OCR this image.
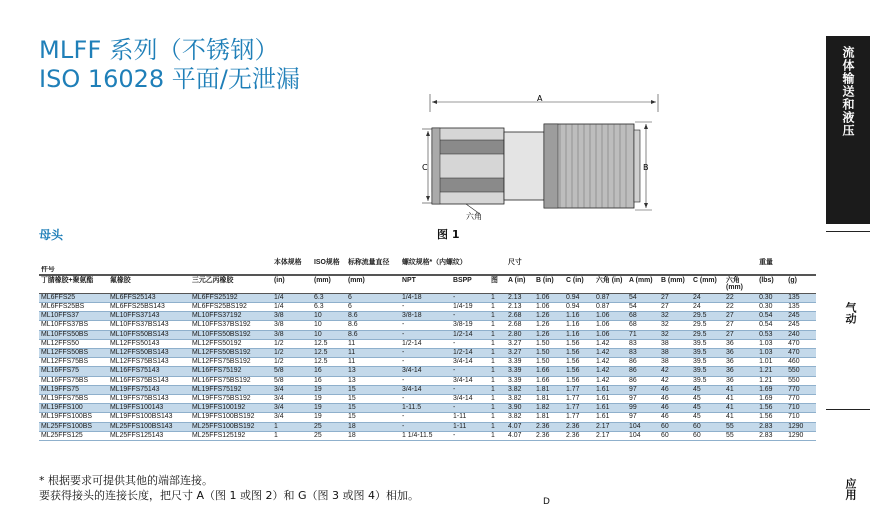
MLFF 系列（不锈钢）
ISO 16028 平面/无泄漏
A
C	B
六角
母头	图 1
流体输送和液压
气动
应用
			本体规格	ISO规格	标称流量直径	螺纹规格*（内螺纹）			尺寸								重量	
件号																		
丁腈橡胶+聚氨酯	氟橡胶	三元乙丙橡胶	(in)	(mm)	(mm)	NPT	BSPP	图	A (in)	B (in)	C (in)	六角 (in)	A (mm)	B (mm)	C (mm)	六角 (mm)	(lbs)	(g)
ML6FFS25	ML6FFS25143	ML6FFS25192	1/4	6.3	6	1/4-18	-	1	2.13	1.06	0.94	0.87	54	27	24	22	0.30	135
ML6FFS25BS	ML6FFS25BS143	ML6FFS25BS192	1/4	6.3	6	-	1/4-19	1	2.13	1.06	0.94	0.87	54	27	24	22	0.30	135
ML10FFS37	ML10FFS37143	ML10FFS37192	3/8	10	8.6	3/8-18	-	1	2.68	1.26	1.16	1.06	68	32	29.5	27	0.54	245
ML10FFS37BS	ML10FFS37BS143	ML10FFS37BS192	3/8	10	8.6	-	3/8-19	1	2.68	1.26	1.16	1.06	68	32	29.5	27	0.54	245
ML10FFS50BS	ML10FFS50BS143	ML10FFS50BS192	3/8	10	8.6	-	1/2-14	1	2.80	1.26	1.16	1.06	71	32	29.5	27	0.53	240
ML12FFS50	ML12FFS50143	ML12FFS50192	1/2	12.5	11	1/2-14	-	1	3.27	1.50	1.56	1.42	83	38	39.5	36	1.03	470
ML12FFS50BS	ML12FFS50BS143	ML12FFS50BS192	1/2	12.5	11	-	1/2-14	1	3.27	1.50	1.56	1.42	83	38	39.5	36	1.03	470
ML12FFS75BS	ML12FFS75BS143	ML12FFS75BS192	1/2	12.5	11	-	3/4-14	1	3.39	1.50	1.56	1.42	86	38	39.5	36	1.01	460
ML16FFS75	ML16FFS75143	ML16FFS75192	5/8	16	13	3/4-14	-	1	3.39	1.66	1.56	1.42	86	42	39.5	36	1.21	550
ML16FFS75BS	ML16FFS75BS143	ML16FFS75BS192	5/8	16	13	-	3/4-14	1	3.39	1.66	1.56	1.42	86	42	39.5	36	1.21	550
ML19FFS75	ML19FFS75143	ML19FFS75192	3/4	19	15	3/4-14	-	1	3.82	1.81	1.77	1.61	97	46	45	41	1.69	770
ML19FFS75BS	ML19FFS75BS143	ML19FFS75BS192	3/4	19	15	-	3/4-14	1	3.82	1.81	1.77	1.61	97	46	45	41	1.69	770
ML19FFS100	ML19FFS100143	ML19FFS100192	3/4	19	15	1-11.5	-	1	3.90	1.82	1.77	1.61	99	46	45	41	1.56	710
ML19FFS100BS	ML19FFS100BS143	ML19FFS100BS192	3/4	19	15	-	1-11	1	3.82	1.81	1.77	1.61	97	46	45	41	1.56	710
ML25FFS100BS	ML25FFS100BS143	ML25FFS100BS192	1	25	18	-	1-11	1	4.07	2.36	2.36	2.17	104	60	60	55	2.83	1290
ML25FFS125	ML25FFS125143	ML25FFS125192	1	25	18	1 1/4-11.5	-	1	4.07	2.36	2.36	2.17	104	60	60	55	2.83	1290
* 根据要求可提供其他的端部连接。
要获得接头的连接长度，把尺寸 A（图 1 或图 2）和 G（图 3 或图 4）相加。	D
